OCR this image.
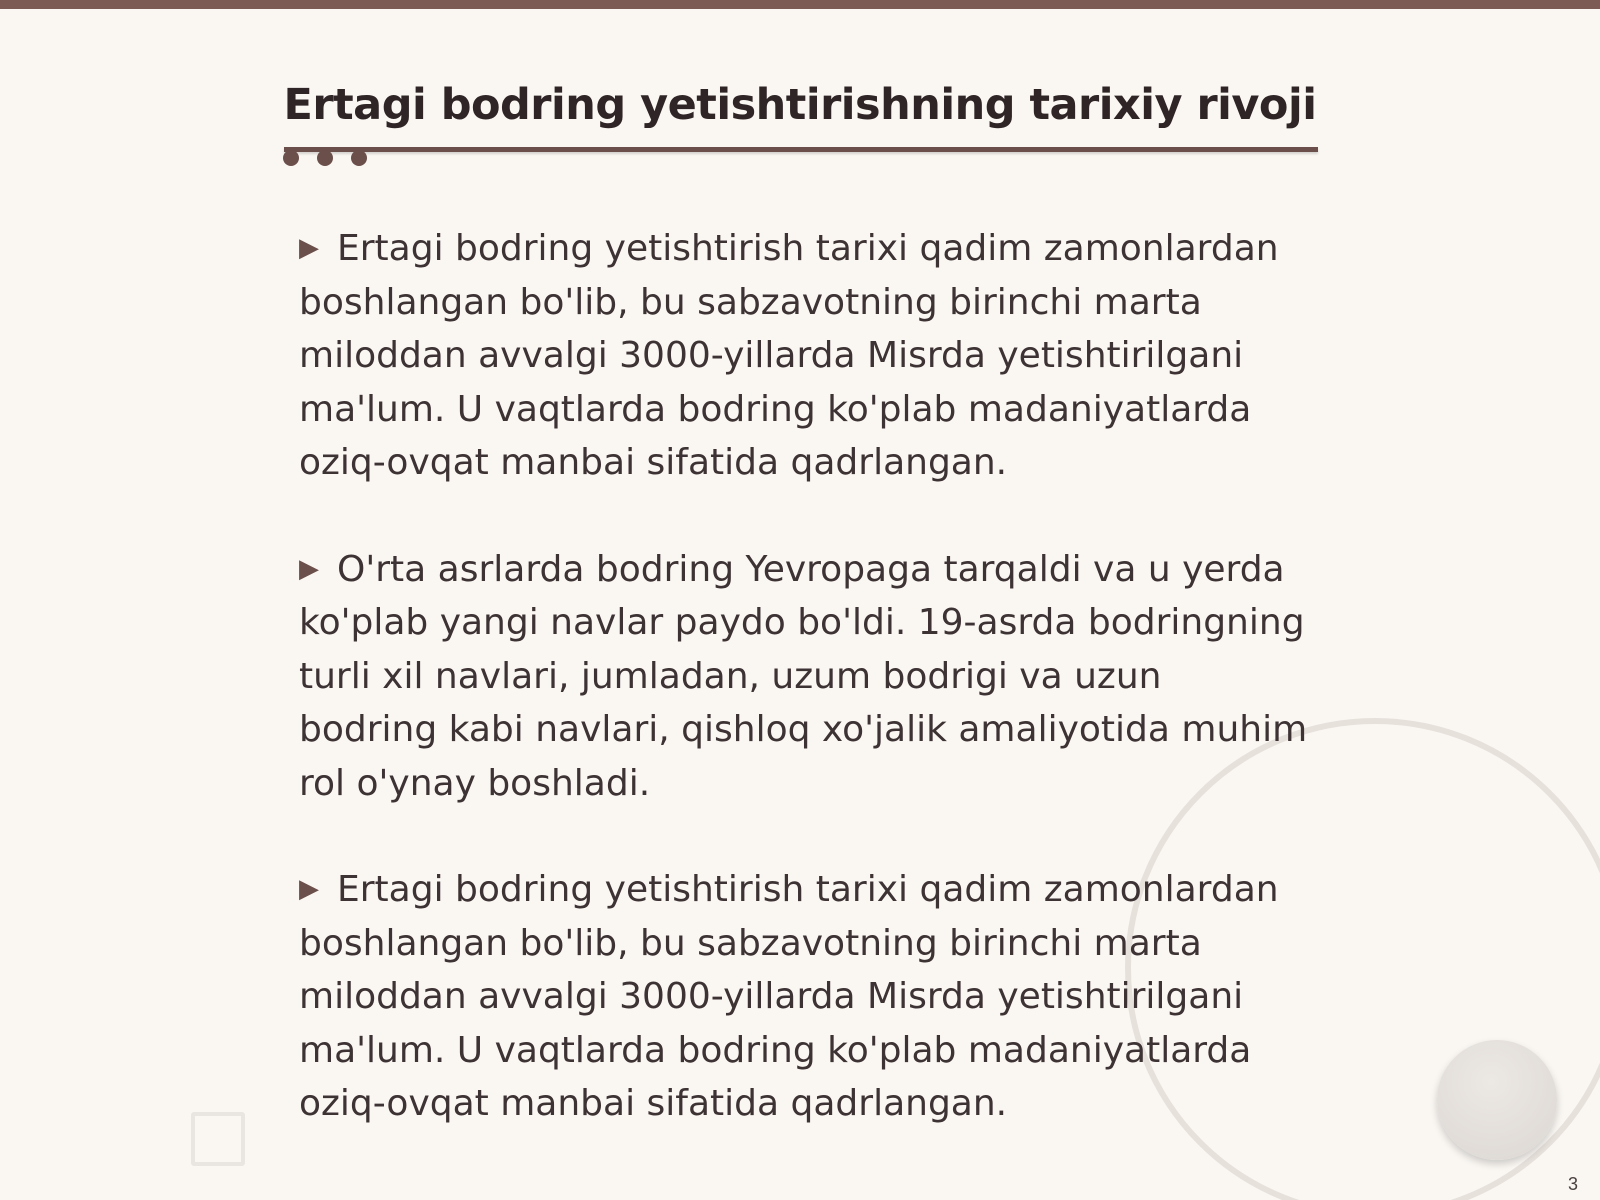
Ertagi bodring yetishtirishning tarixiy rivoji

▶ Ertagi bodring yetishtirish tarixi qadim zamonlardan boshlangan bo'lib, bu sabzavotning birinchi marta miloddan avvalgi 3000-yillarda Misrda yetishtirilgani ma'lum. U vaqtlarda bodring ko'plab madaniyatlarda oziq-ovqat manbai sifatida qadrlangan.

▶ O'rta asrlarda bodring Yevropaga tarqaldi va u yerda ko'plab yangi navlar paydo bo'ldi. 19-asrda bodringning turli xil navlari, jumladan, uzum bodrigi va uzun bodring kabi navlari, qishloq xo'jalik amaliyotida muhim rol o'ynay boshladi.

▶ Ertagi bodring yetishtirish tarixi qadim zamonlardan boshlangan bo'lib, bu sabzavotning birinchi marta miloddan avvalgi 3000-yillarda Misrda yetishtirilgani ma'lum. U vaqtlarda bodring ko'plab madaniyatlarda oziq-ovqat manbai sifatida qadrlangan.

3
